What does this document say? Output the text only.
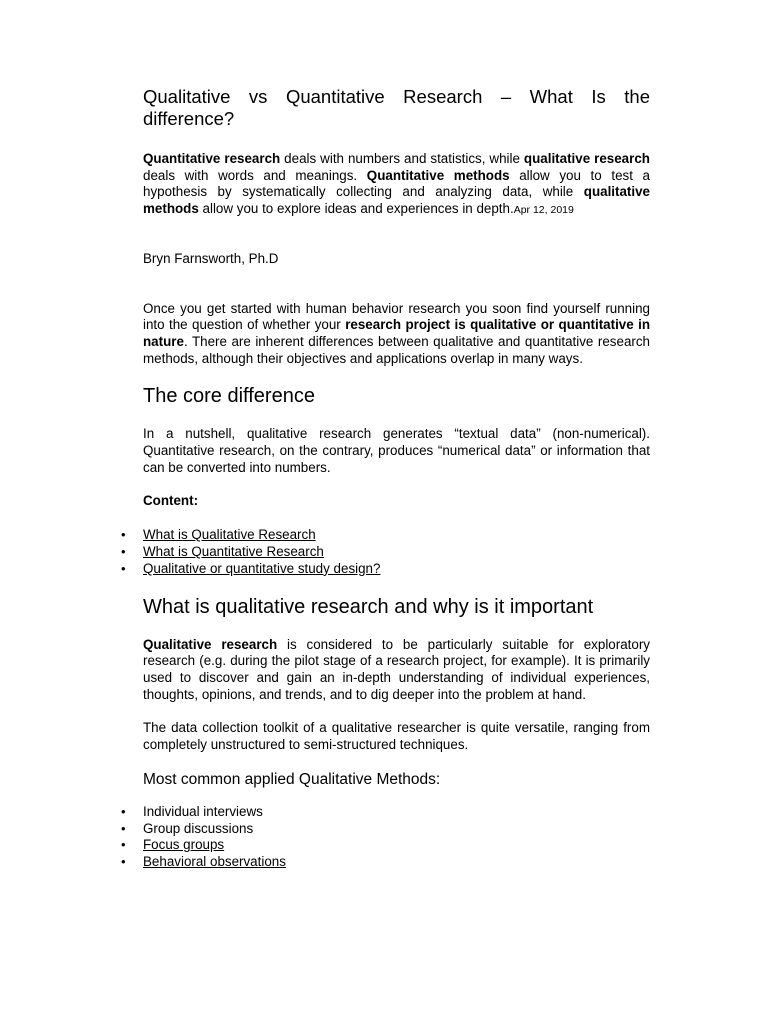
Qualitative vs Quantitative Research – What Is the difference?

Quantitative research deals with numbers and statistics, while qualitative research deals with words and meanings. Quantitative methods allow you to test a hypothesis by systematically collecting and analyzing data, while qualitative methods allow you to explore ideas and experiences in depth.Apr 12, 2019

Bryn Farnsworth, Ph.D

Once you get started with human behavior research you soon find yourself running into the question of whether your research project is qualitative or quantitative in nature. There are inherent differences between qualitative and quantitative research methods, although their objectives and applications overlap in many ways.

The core difference

In a nutshell, qualitative research generates “textual data” (non-numerical). Quantitative research, on the contrary, produces “numerical data” or information that can be converted into numbers.

Content:

• What is Qualitative Research
• What is Quantitative Research
• Qualitative or quantitative study design?
What is qualitative research and why is it important

Qualitative research is considered to be particularly suitable for exploratory research (e.g. during the pilot stage of a research project, for example). It is primarily used to discover and gain an in-depth understanding of individual experiences, thoughts, opinions, and trends, and to dig deeper into the problem at hand.

The data collection toolkit of a qualitative researcher is quite versatile, ranging from completely unstructured to semi-structured techniques.

Most common applied Qualitative Methods:
• Individual interviews
• Group discussions
• Focus groups
• Behavioral observations
